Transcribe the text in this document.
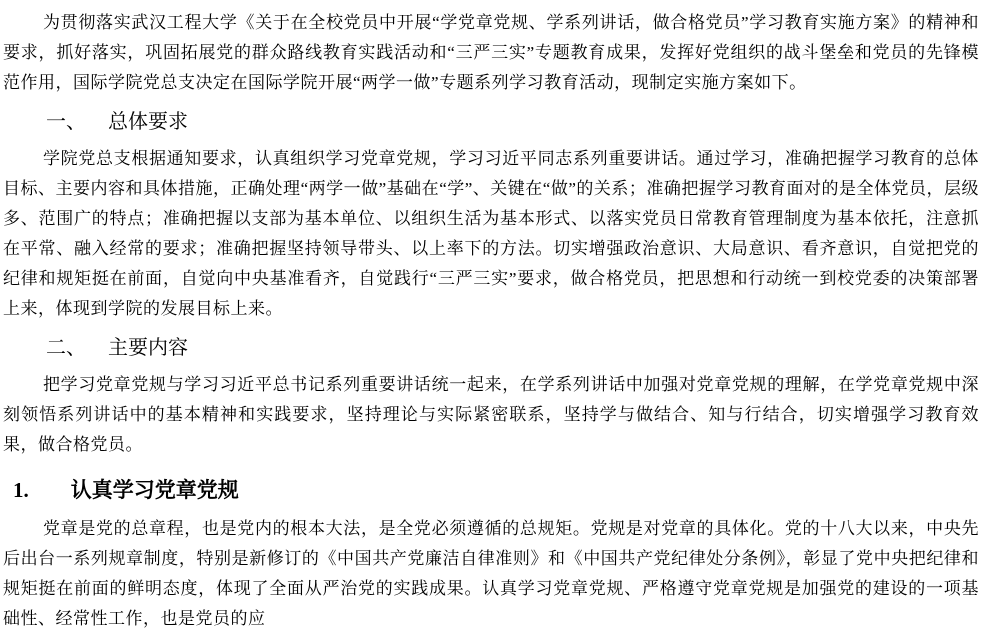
为贯彻落实武汉工程大学《关于在全校党员中开展“学党章党规、学系列讲话，做合格党员”学习教育实施方案》的精神和要求，抓好落实，巩固拓展党的群众路线教育实践活动和“三严三实”专题教育成果，发挥好党组织的战斗堡垒和党员的先锋模范作用，国际学院党总支决定在国际学院开展“两学一做”专题系列学习教育活动，现制定实施方案如下。

一、 总体要求

学院党总支根据通知要求，认真组织学习党章党规，学习习近平同志系列重要讲话。通过学习，准确把握学习教育的总体目标、主要内容和具体措施，正确处理“两学一做”基础在“学”、关键在“做”的关系；准确把握学习教育面对的是全体党员，层级多、范围广的特点；准确把握以支部为基本单位、以组织生活为基本形式、以落实党员日常教育管理制度为基本依托，注意抓在平常、融入经常的要求；准确把握坚持领导带头、以上率下的方法。切实增强政治意识、大局意识、看齐意识，自觉把党的纪律和规矩挺在前面，自觉向中央基准看齐，自觉践行“三严三实”要求，做合格党员，把思想和行动统一到校党委的决策部署上来，体现到学院的发展目标上来。

二、 主要内容

把学习党章党规与学习习近平总书记系列重要讲话统一起来，在学系列讲话中加强对党章党规的理解，在学党章党规中深刻领悟系列讲话中的基本精神和实践要求，坚持理论与实际紧密联系，坚持学与做结合、知与行结合，切实增强学习教育效果，做合格党员。

1. 认真学习党章党规

党章是党的总章程，也是党内的根本大法，是全党必须遵循的总规矩。党规是对党章的具体化。党的十八大以来，中央先后出台一系列规章制度，特别是新修订的《中国共产党廉洁自律准则》和《中国共产党纪律处分条例》，彰显了党中央把纪律和规矩挺在前面的鲜明态度，体现了全面从严治党的实践成果。认真学习党章党规、严格遵守党章党规是加强党的建设的一项基础性、经常性工作，也是党员的应
